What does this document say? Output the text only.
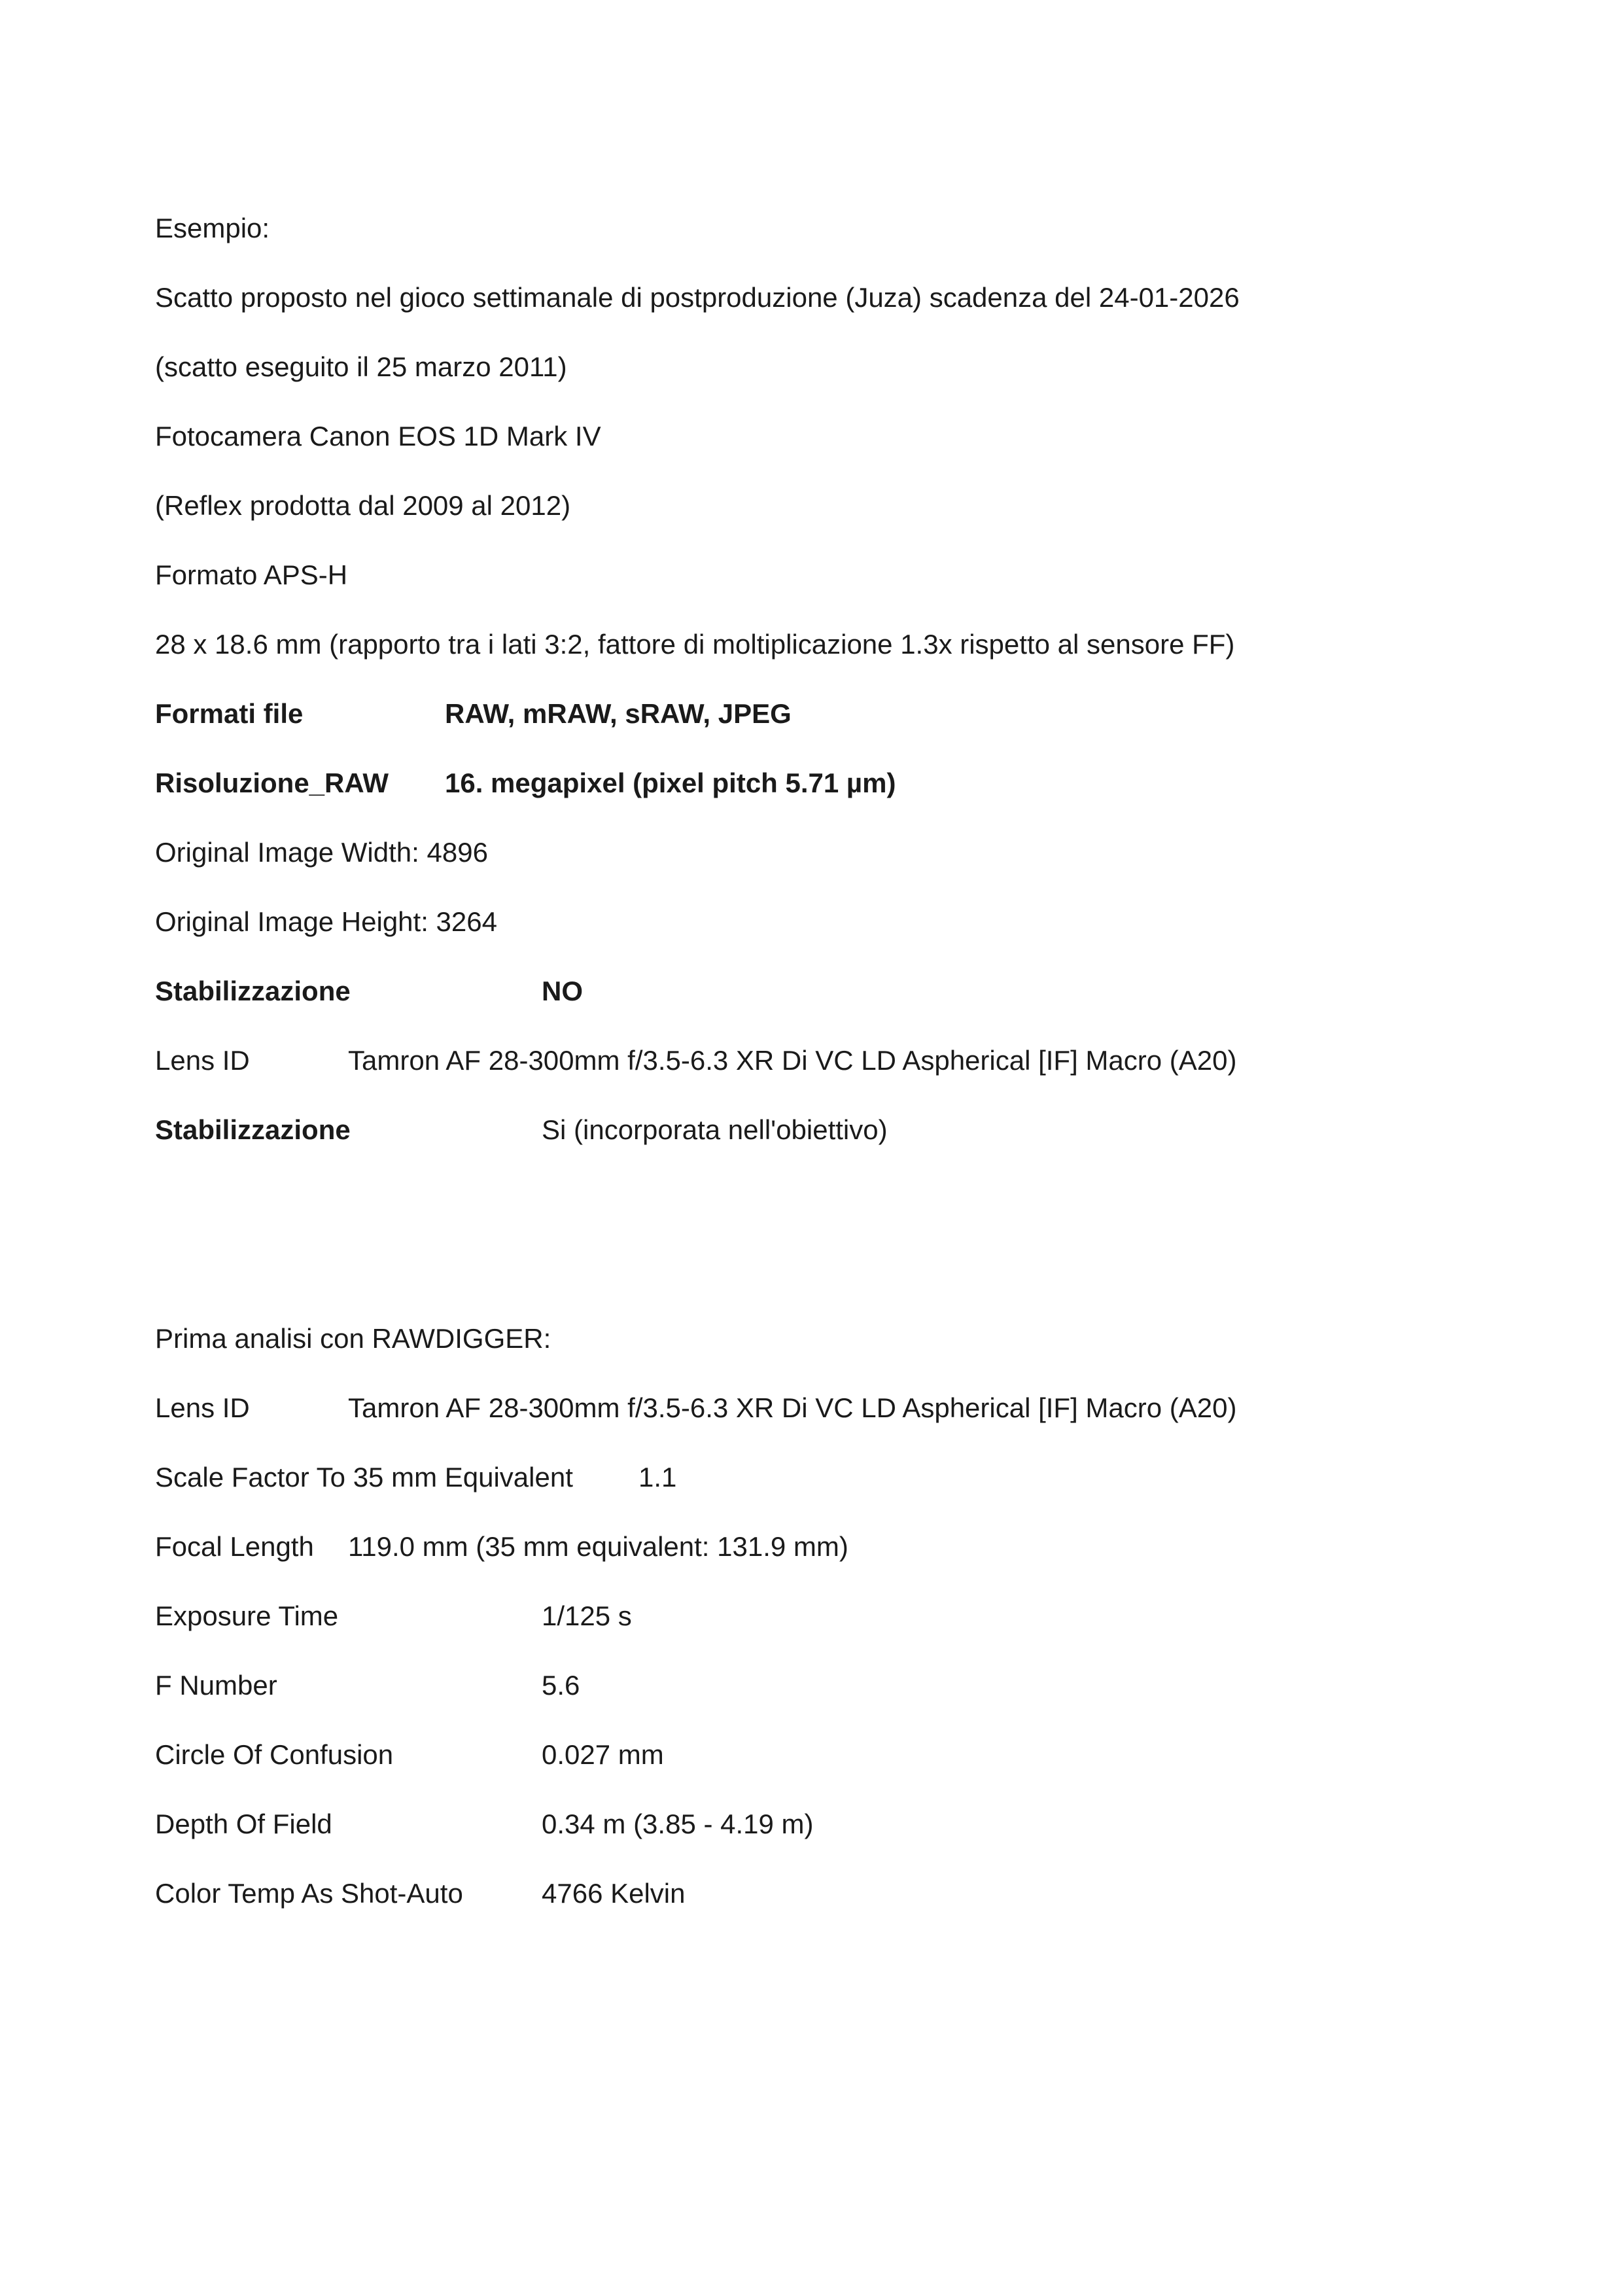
Esempio:
Scatto proposto nel gioco settimanale di postproduzione (Juza) scadenza del 24-01-2026
(scatto eseguito il 25 marzo 2011)
Fotocamera Canon EOS 1D Mark IV
(Reflex prodotta dal 2009 al 2012)
Formato APS-H
28 x 18.6 mm (rapporto tra i lati 3:2, fattore di moltiplicazione 1.3x rispetto al sensore FF)
Formati file	RAW, mRAW, sRAW, JPEG
Risoluzione_RAW 16. megapixel (pixel pitch 5.71 µm)
Original Image Width: 4896
Original Image Height: 3264
Stabilizzazione	NO
Lens ID	Tamron AF 28-300mm f/3.5-6.3 XR Di VC LD Aspherical [IF] Macro (A20)
Stabilizzazione	Si (incorporata nell'obiettivo)
Prima analisi con RAWDIGGER:
Lens ID	Tamron AF 28-300mm f/3.5-6.3 XR Di VC LD Aspherical [IF] Macro (A20)
Scale Factor To 35 mm Equivalent 1.1
Focal Length 119.0 mm (35 mm equivalent: 131.9 mm)
Exposure Time	1/125 s
F Number	5.6
Circle Of Confusion	0.027 mm
Depth Of Field	0.34 m (3.85 - 4.19 m)
Color Temp As Shot-Auto	4766 Kelvin
